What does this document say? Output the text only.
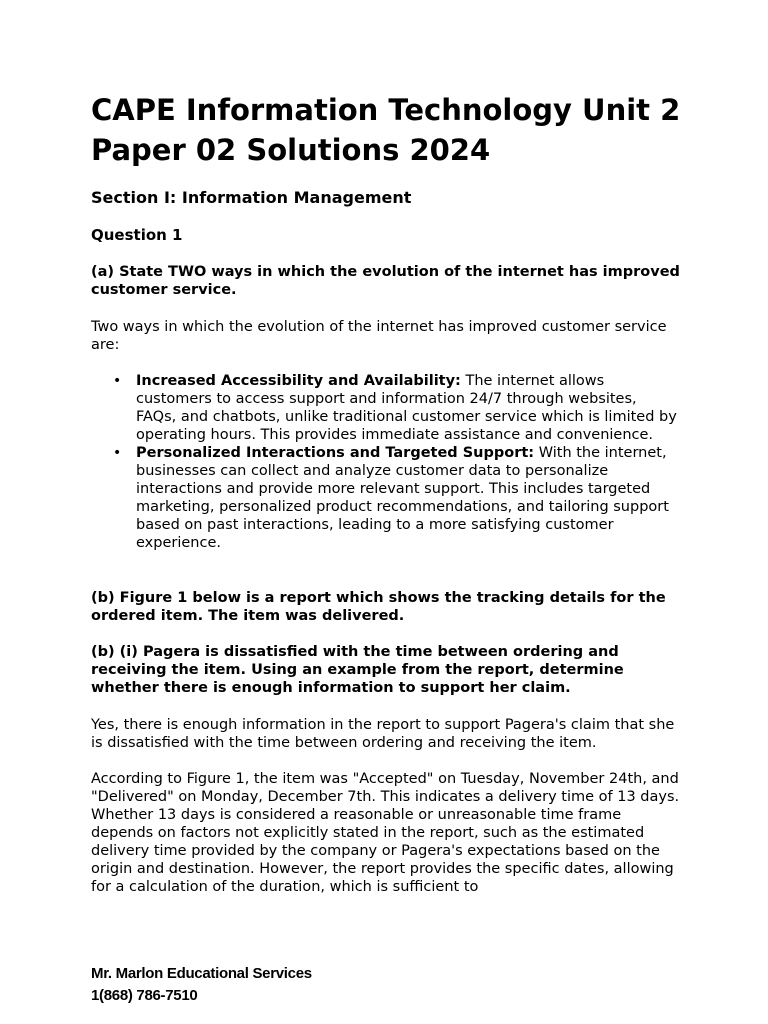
CAPE Information Technology Unit 2 Paper 02 Solutions 2024
Section I: Information Management

Question 1

(a) State TWO ways in which the evolution of the internet has improved customer service.

Two ways in which the evolution of the internet has improved customer service are:

• Increased Accessibility and Availability: The internet allows customers to access support and information 24/7 through websites, FAQs, and chatbots, unlike traditional customer service which is limited by operating hours. This provides immediate assistance and convenience.
• Personalized Interactions and Targeted Support: With the internet, businesses can collect and analyze customer data to personalize interactions and provide more relevant support. This includes targeted marketing, personalized product recommendations, and tailoring support based on past interactions, leading to a more satisfying customer experience.

(b) Figure 1 below is a report which shows the tracking details for the ordered item. The item was delivered.

(b) (i) Pagera is dissatisfied with the time between ordering and receiving the item. Using an example from the report, determine whether there is enough information to support her claim.

Yes, there is enough information in the report to support Pagera's claim that she is dissatisfied with the time between ordering and receiving the item.

According to Figure 1, the item was "Accepted" on Tuesday, November 24th, and "Delivered" on Monday, December 7th. This indicates a delivery time of 13 days. Whether 13 days is considered a reasonable or unreasonable time frame depends on factors not explicitly stated in the report, such as the estimated delivery time provided by the company or Pagera's expectations based on the origin and destination. However, the report provides the specific dates, allowing for a calculation of the duration, which is sufficient to

Mr. Marlon Educational Services
1(868) 786-7510
